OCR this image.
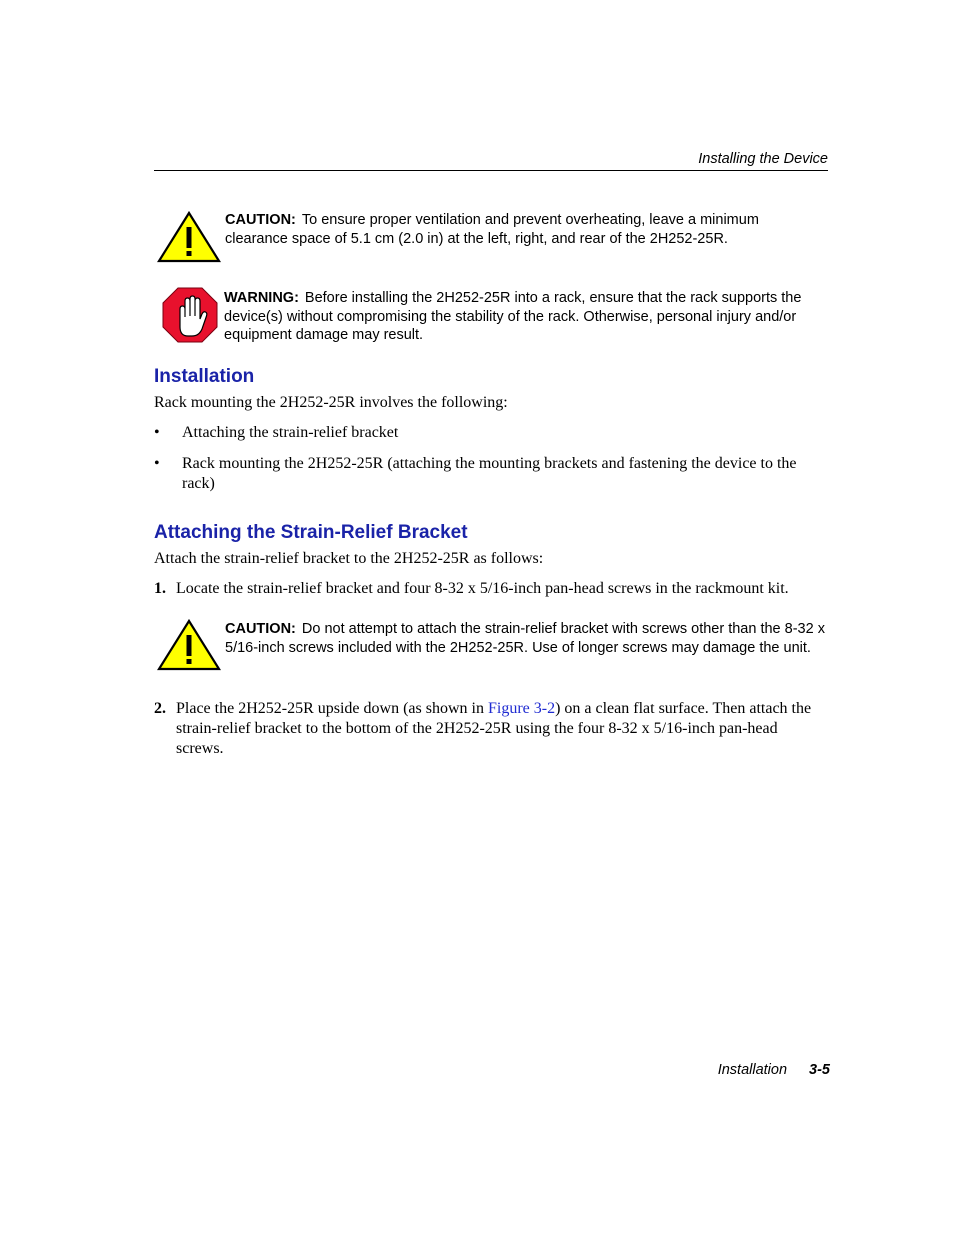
Installing the Device
CAUTION: To ensure proper ventilation and prevent overheating, leave a minimum clearance space of 5.1 cm (2.0 in) at the left, right, and rear of the 2H252-25R.
WARNING: Before installing the 2H252-25R into a rack, ensure that the rack supports the device(s) without compromising the stability of the rack. Otherwise, personal injury and/or equipment damage may result.
Installation
Rack mounting the 2H252-25R involves the following:
• Attaching the strain-relief bracket
• Rack mounting the 2H252-25R (attaching the mounting brackets and fastening the device to the rack)
Attaching the Strain-Relief Bracket
Attach the strain-relief bracket to the 2H252-25R as follows:
1. Locate the strain-relief bracket and four 8-32 x 5/16-inch pan-head screws in the rackmount kit.
CAUTION: Do not attempt to attach the strain-relief bracket with screws other than the 8-32 x 5/16-inch screws included with the 2H252-25R. Use of longer screws may damage the unit.
2. Place the 2H252-25R upside down (as shown in Figure 3-2) on a clean flat surface. Then attach the strain-relief bracket to the bottom of the 2H252-25R using the four 8-32 x 5/16-inch pan-head screws.
Installation 3-5
